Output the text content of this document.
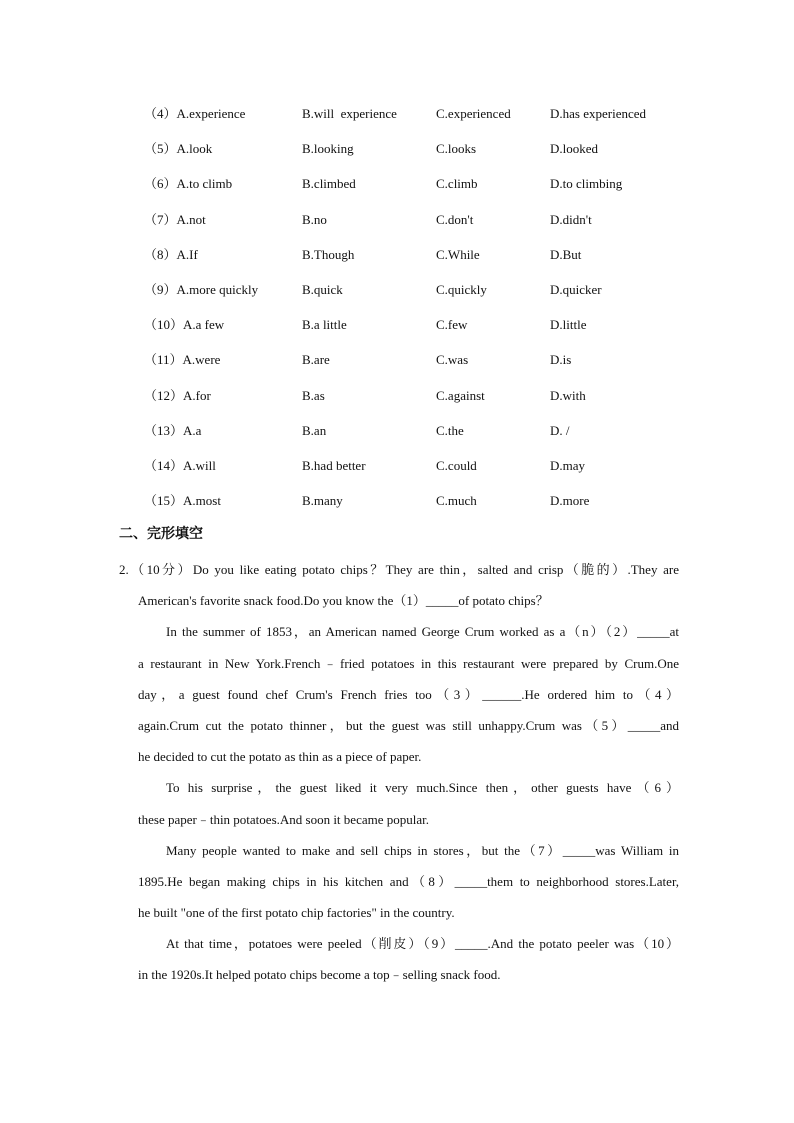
（4）A.experience	B.will  experience	C.experienced	D.has experienced
（5）A.look	B.looking	C.looks	D.looked
（6）A.to climb	B.climbed	C.climb	D.to climbing
（7）A.not	B.no	C.don't	D.didn't
（8）A.If	B.Though	C.While	D.But
（9）A.more quickly	B.quick	C.quickly	D.quicker
（10）A.a few	B.a little	C.few	D.little
（11）A.were	B.are	C.was	D.is
（12）A.for	B.as	C.against	D.with
（13）A.a	B.an	C.the	D. /
（14）A.will	B.had better	C.could	D.may
（15）A.most	B.many	C.much	D.more
二、完形填空
2.（10分）Do you like eating potato chips？They are thin，salted and crisp（脆的）.They are
American's favorite snack food.Do you know the（1）_____of potato chips？
In the summer of 1853，an American named George Crum worked as a（n）（2）_____at
a restaurant in New York.French﹣fried potatoes in this restaurant were prepared by Crum.One
day，a guest found chef Crum's French fries too（3）______.He ordered him to（4）
again.Crum cut the potato thinner，but the guest was still unhappy.Crum was（5）_____and
he decided to cut the potato as thin as a piece of paper.
To his surprise，the guest liked it very much.Since then，other guests have（6）
these paper﹣thin potatoes.And soon it became popular.
Many people wanted to make and sell chips in stores，but the（7）_____was William in
1895.He began making chips in his kitchen and（8）_____them to neighborhood stores.Later,
he built "one of the first potato chip factories" in the country.
At that time，potatoes were peeled（削皮）（9）_____.And the potato peeler was（10）
in the 1920s.It helped potato chips become a top﹣selling snack food.
